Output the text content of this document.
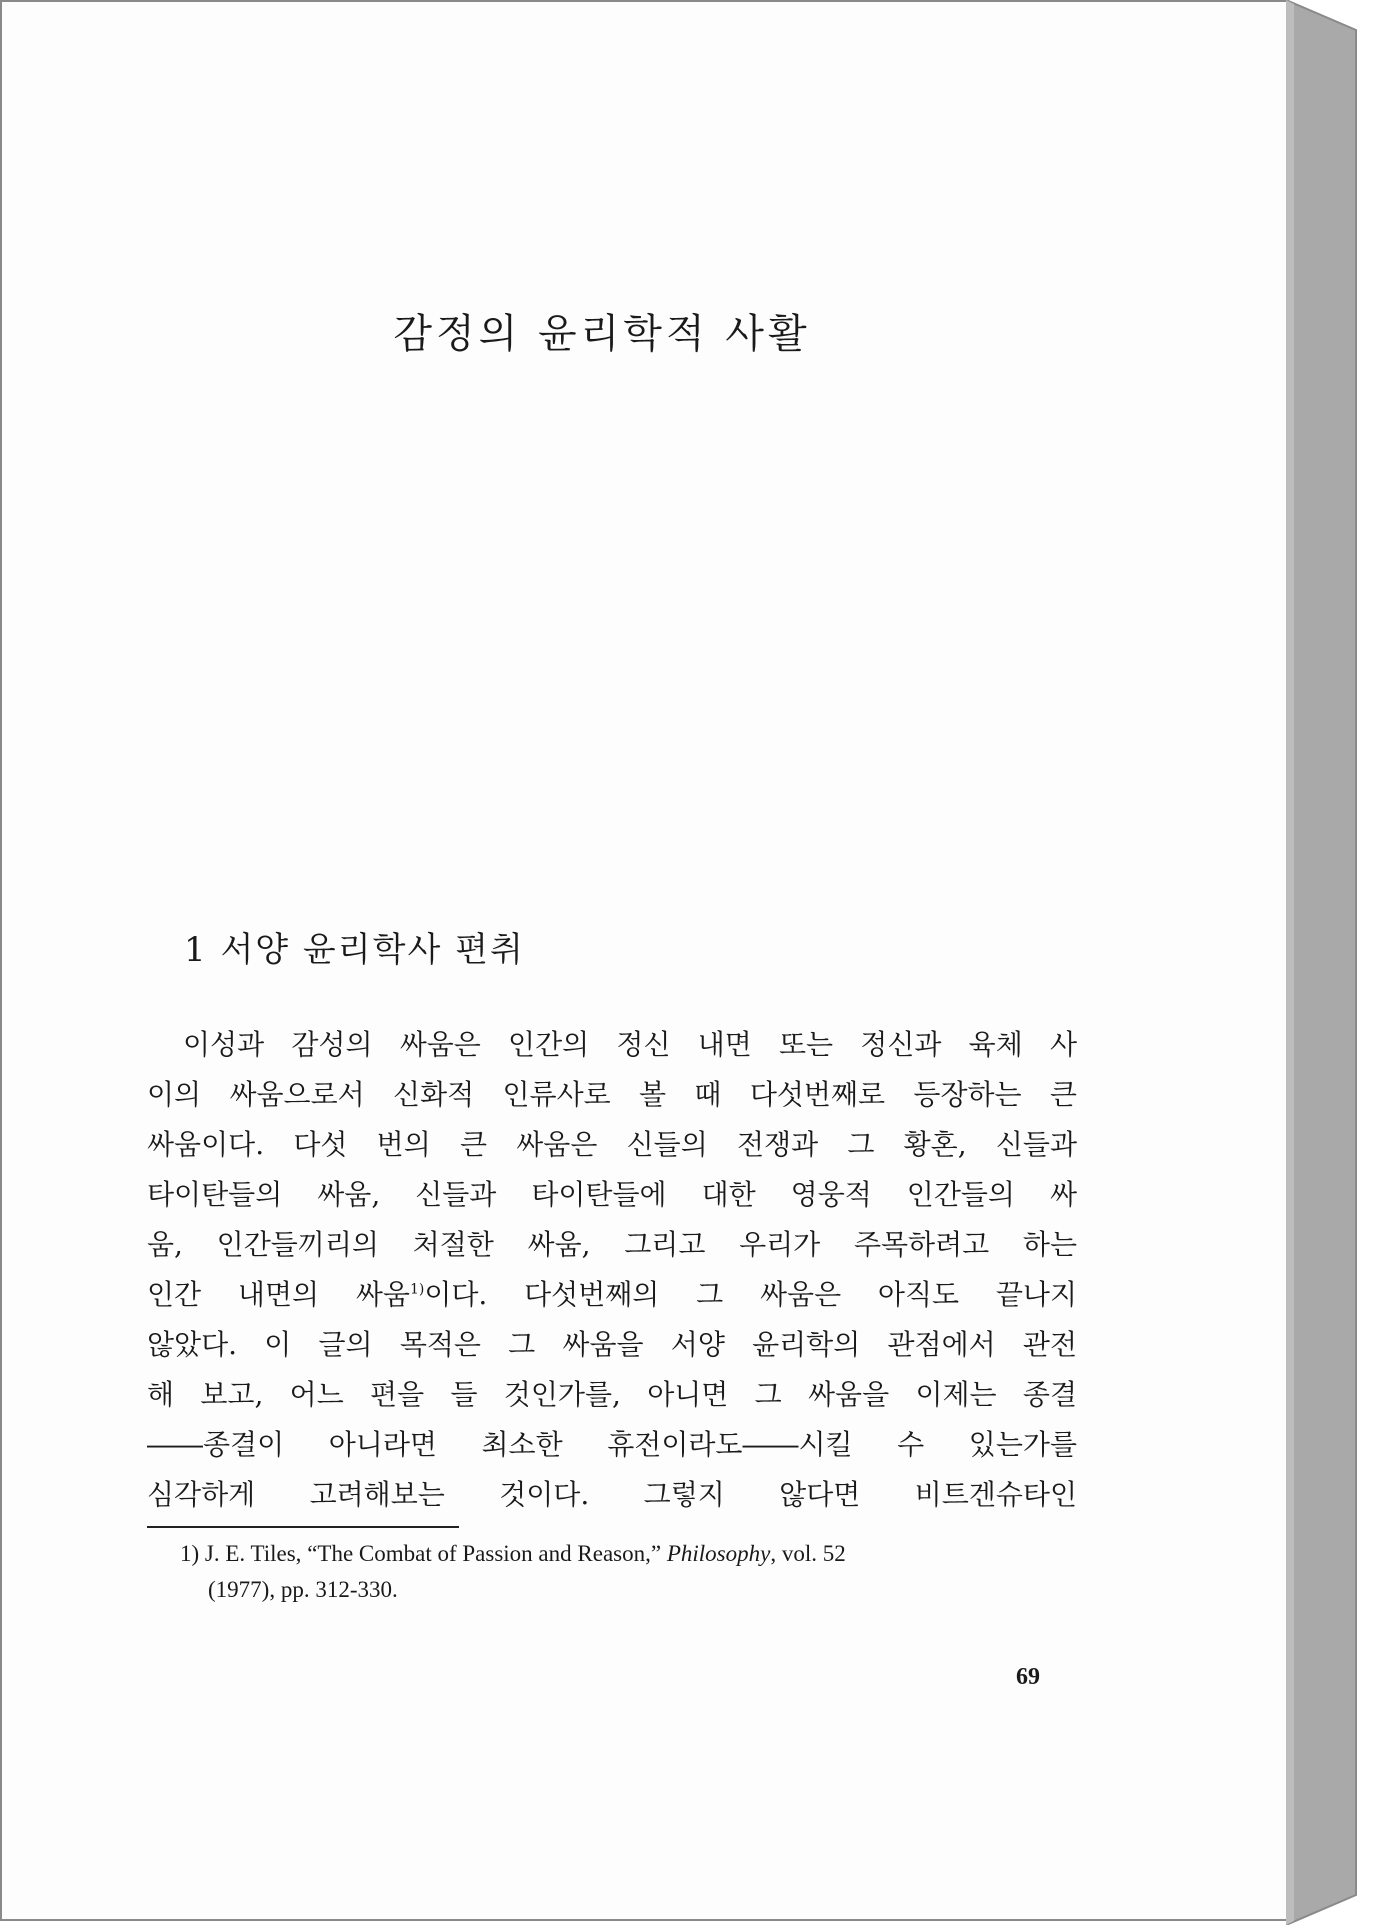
감정의 윤리학적 사활
1 서양 윤리학사 편취
이성과 감성의 싸움은 인간의 정신 내면 또는 정신과 육체 사
이의 싸움으로서 신화적 인류사로 볼 때 다섯번째로 등장하는 큰
싸움이다. 다섯 번의 큰 싸움은 신들의 전쟁과 그 황혼, 신들과
타이탄들의 싸움, 신들과 타이탄들에 대한 영웅적 인간들의 싸
움, 인간들끼리의 처절한 싸움, 그리고 우리가 주목하려고 하는
인간 내면의 싸움$^{1)}$이다. 다섯번째의 그 싸움은 아직도 끝나지
않았다. 이 글의 목적은 그 싸움을 서양 윤리학의 관점에서 관전
해 보고, 어느 편을 들 것인가를, 아니면 그 싸움을 이제는 종결
――종결이 아니라면 최소한 휴전이라도――시킬 수 있는가를
심각하게 고려해보는 것이다. 그렇지 않다면 비트겐슈타인

1) J. E. Tiles, “The Combat of Passion and Reason,” Philosophy, vol. 52
(1977), pp. 312-330.

69
